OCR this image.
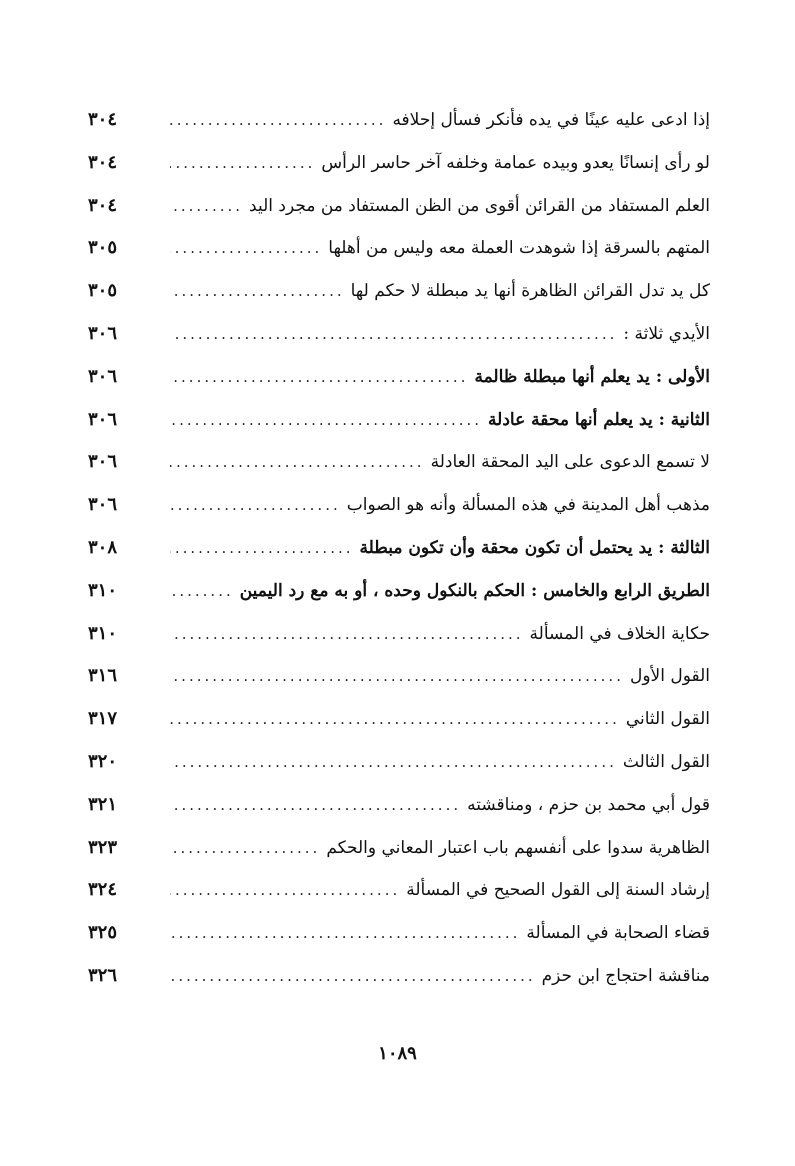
إذا ادعى عليه عينًا في يده فأنكر فسأل إحلافه
.....
٣٠٤
لو رأى إنسانًا يعدو وبيده عمامة وخلفه آخر حاسر الرأس
.....
٣٠٤
العلم المستفاد من القرائن أقوى من الظن المستفاد من مجرد اليد
.....
٣٠٤
المتهم بالسرقة إذا شوهدت العملة معه وليس من أهلها
.....
٣٠٥
كل يد تدل القرائن الظاهرة أنها يد مبطلة لا حكم لها
.....
٣٠٥
الأيدي ثلاثة :
.....
٣٠٦
الأولى : يد يعلم أنها مبطلة ظالمة
.....
٣٠٦
الثانية : يد يعلم أنها محقة عادلة
.....
٣٠٦
لا تسمع الدعوى على اليد المحقة العادلة
.....
٣٠٦
مذهب أهل المدينة في هذه المسألة وأنه هو الصواب
.....
٣٠٦
الثالثة : يد يحتمل أن تكون محقة وأن تكون مبطلة
.....
٣٠٨
الطريق الرابع والخامس : الحكم بالنكول وحده ، أو به مع رد اليمين
.....
٣١٠
حكاية الخلاف في المسألة
.....
٣١٠
القول الأول
.....
٣١٦
القول الثاني
.....
٣١٧
القول الثالث
.....
٣٢٠
قول أبي محمد بن حزم ، ومناقشته
.....
٣٢١
الظاهرية سدوا على أنفسهم باب اعتبار المعاني والحكم
.....
٣٢٣
إرشاد السنة إلى القول الصحيح في المسألة
.....
٣٢٤
قضاء الصحابة في المسألة
.....
٣٢٥
مناقشة احتجاج ابن حزم
.....
٣٢٦
١٠٨٩
